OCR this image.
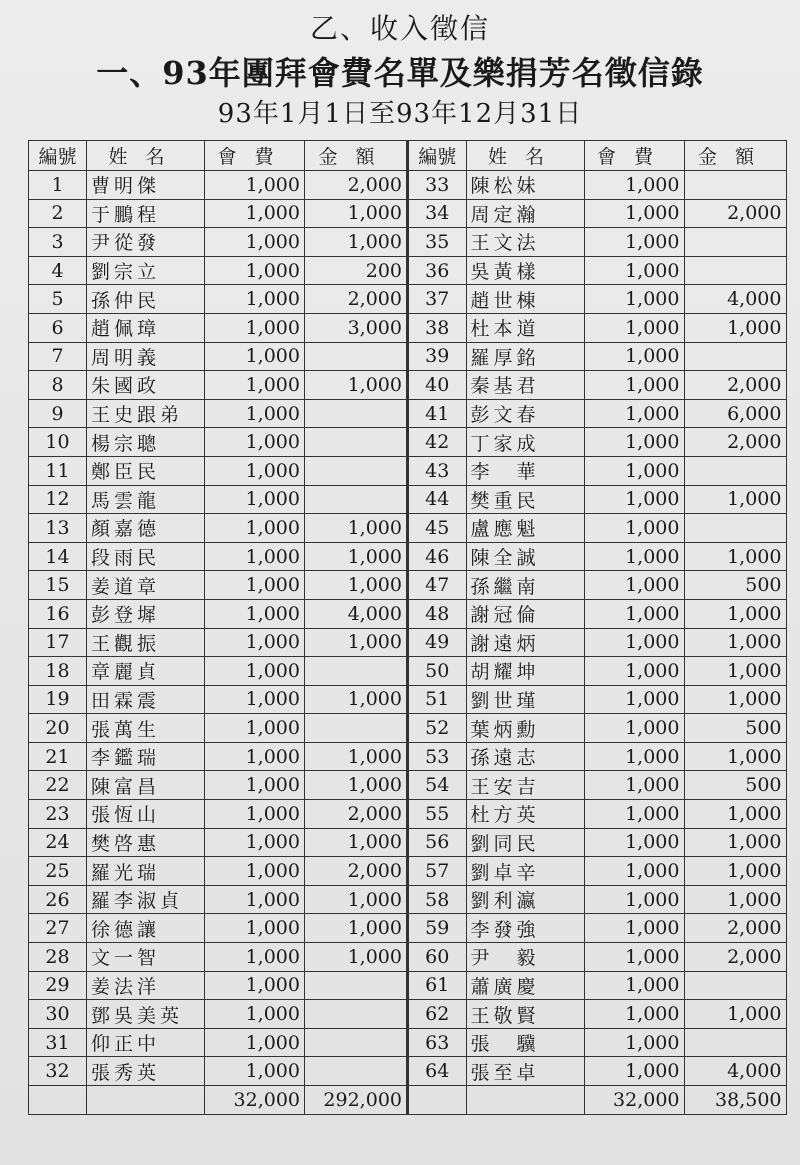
乙、收入徵信
一、93年團拜會費名單及樂捐芳名徵信錄
93年1月1日至93年12月31日
編號	姓名	會費	金額
1	曹明傑	1,000	2,000
2	于鵬程	1,000	1,000
3	尹從發	1,000	1,000
4	劉宗立	1,000	200
5	孫仲民	1,000	2,000
6	趙佩璋	1,000	3,000
7	周明義	1,000	
8	朱國政	1,000	1,000
9	王史跟弟	1,000	
10	楊宗聰	1,000	
11	鄭臣民	1,000	
12	馬雲龍	1,000	
13	顏嘉德	1,000	1,000
14	段雨民	1,000	1,000
15	姜道章	1,000	1,000
16	彭登墀	1,000	4,000
17	王觀振	1,000	1,000
18	章麗貞	1,000	
19	田霖震	1,000	1,000
20	張萬生	1,000	
21	李鑑瑞	1,000	1,000
22	陳富昌	1,000	1,000
23	張恆山	1,000	2,000
24	樊啓惠	1,000	1,000
25	羅光瑞	1,000	2,000
26	羅李淑貞	1,000	1,000
27	徐德讓	1,000	1,000
28	文一智	1,000	1,000
29	姜法洋	1,000	
30	鄧吳美英	1,000	
31	仰正中	1,000	
32	張秀英	1,000	
		32,000	292,000
編號	姓名	會費	金額
33	陳松妹	1,000	
34	周定瀚	1,000	2,000
35	王文法	1,000	
36	吳黃樣	1,000	
37	趙世棟	1,000	4,000
38	杜本道	1,000	1,000
39	羅厚銘	1,000	
40	秦基君	1,000	2,000
41	彭文春	1,000	6,000
42	丁家成	1,000	2,000
43	李　華	1,000	
44	樊重民	1,000	1,000
45	盧應魁	1,000	
46	陳全誠	1,000	1,000
47	孫繼南	1,000	500
48	謝冠倫	1,000	1,000
49	謝遠炳	1,000	1,000
50	胡耀坤	1,000	1,000
51	劉世瑾	1,000	1,000
52	葉炳勳	1,000	500
53	孫遠志	1,000	1,000
54	王安吉	1,000	500
55	杜方英	1,000	1,000
56	劉同民	1,000	1,000
57	劉卓辛	1,000	1,000
58	劉利瀛	1,000	1,000
59	李發強	1,000	2,000
60	尹　毅	1,000	2,000
61	蕭廣慶	1,000	
62	王敬賢	1,000	1,000
63	張　驥	1,000	
64	張至卓	1,000	4,000
		32,000	38,500
